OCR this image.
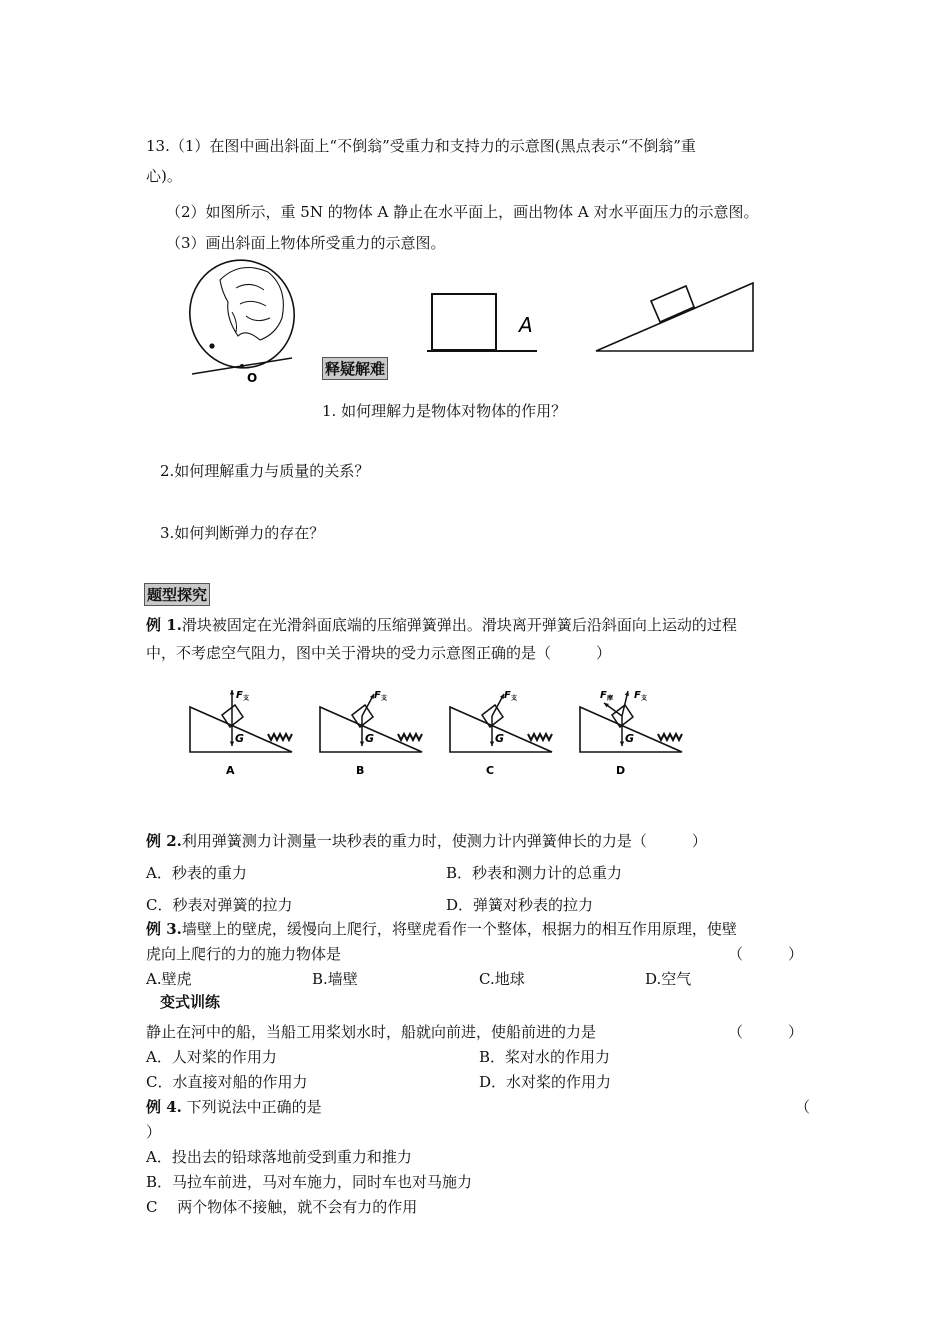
13.（1）在图中画出斜面上“不倒翁”受重力和支持力的示意图(黑点表示“不倒翁”重
心)。
（2）如图所示，重 5N 的物体 A 静止在水平面上，画出物体 A 对水平面压力的示意图。
（3）画出斜面上物体所受重力的示意图。
O
A
释疑解难
1. 如何理解力是物体对物体的作用？
2.如何理解重力与质量的关系？
3.如何判断弹力的存在？
题型探究
例 1.滑块被固定在光滑斜面底端的压缩弹簧弹出。滑块离开弹簧后沿斜面向上运动的过程
中，不考虑空气阻力，图中关于滑块的受力示意图正确的是（　　　）
G
F 支
A
G
F 支
B
G
F 支
C
G
F 支
F 摩
D
例 2.利用弹簧测力计测量一块秒表的重力时，使测力计内弹簧伸长的力是（　　　）
A．秒表的重力	B．秒表和测力计的总重力
C．秒表对弹簧的拉力	D．弹簧对秒表的拉力
例 3.墙壁上的壁虎，缓慢向上爬行，将壁虎看作一个整体，根据力的相互作用原理，使壁
虎向上爬行的力的施力物体是	（　　　）
A.壁虎	B.墙壁	C.地球	D.空气
变式训练
静止在河中的船，当船工用桨划水时，船就向前进，使船前进的力是	（　　　）
A．人对桨的作用力	B．桨对水的作用力
C．水直接对船的作用力	D．水对桨的作用力
例 4. 下列说法中正确的是	（
）
A．投出去的铅球落地前受到重力和推力
B．马拉车前进，马对车施力，同时车也对马施力
C　 两个物体不接触，就不会有力的作用
